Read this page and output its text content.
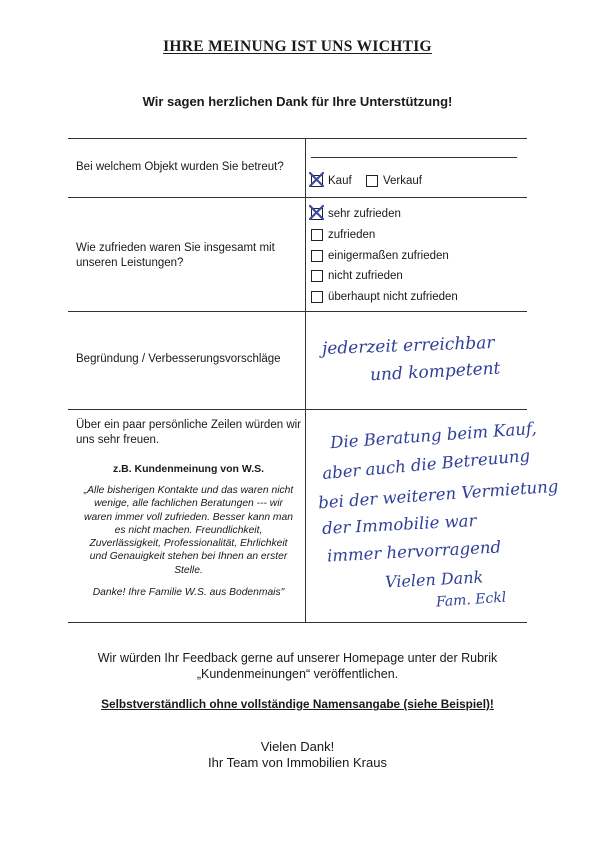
IHRE MEINUNG IST UNS WICHTIG
Wir sagen herzlichen Dank für Ihre Unterstützung!
Bei welchem Objekt wurden Sie betreut?
Kauf	Verkauf
Wie zufrieden waren Sie insgesamt mit unseren Leistungen?
sehr zufrieden
zufrieden
einigermaßen zufrieden
nicht zufrieden
überhaupt nicht zufrieden
Begründung / Verbesserungsvorschläge	jederzeit erreichbar
und kompetent
Über ein paar persönliche Zeilen würden wir uns sehr freuen.
z.B. Kundenmeinung von W.S.
„Alle bisherigen Kontakte und das waren nicht wenige, alle fachlichen Beratungen --- wir waren immer voll zufrieden. Besser kann man es nicht machen. Freundlichkeit, Zuverlässigkeit, Professionalität, Ehrlichkeit und Genauigkeit stehen bei Ihnen an erster Stelle.
Danke! Ihre Familie W.S. aus Bodenmais"
Die Beratung beim Kauf,
aber auch die Betreuung
bei der weiteren Vermietung
der Immobilie war
immer hervorragend
Vielen Dank
Fam. Eckl
Wir würden Ihr Feedback gerne auf unserer Homepage unter der Rubrik
„Kundenmeinungen“ veröffentlichen.
Selbstverständlich ohne vollständige Namensangabe (siehe Beispiel)!
Vielen Dank!
Ihr Team von Immobilien Kraus
